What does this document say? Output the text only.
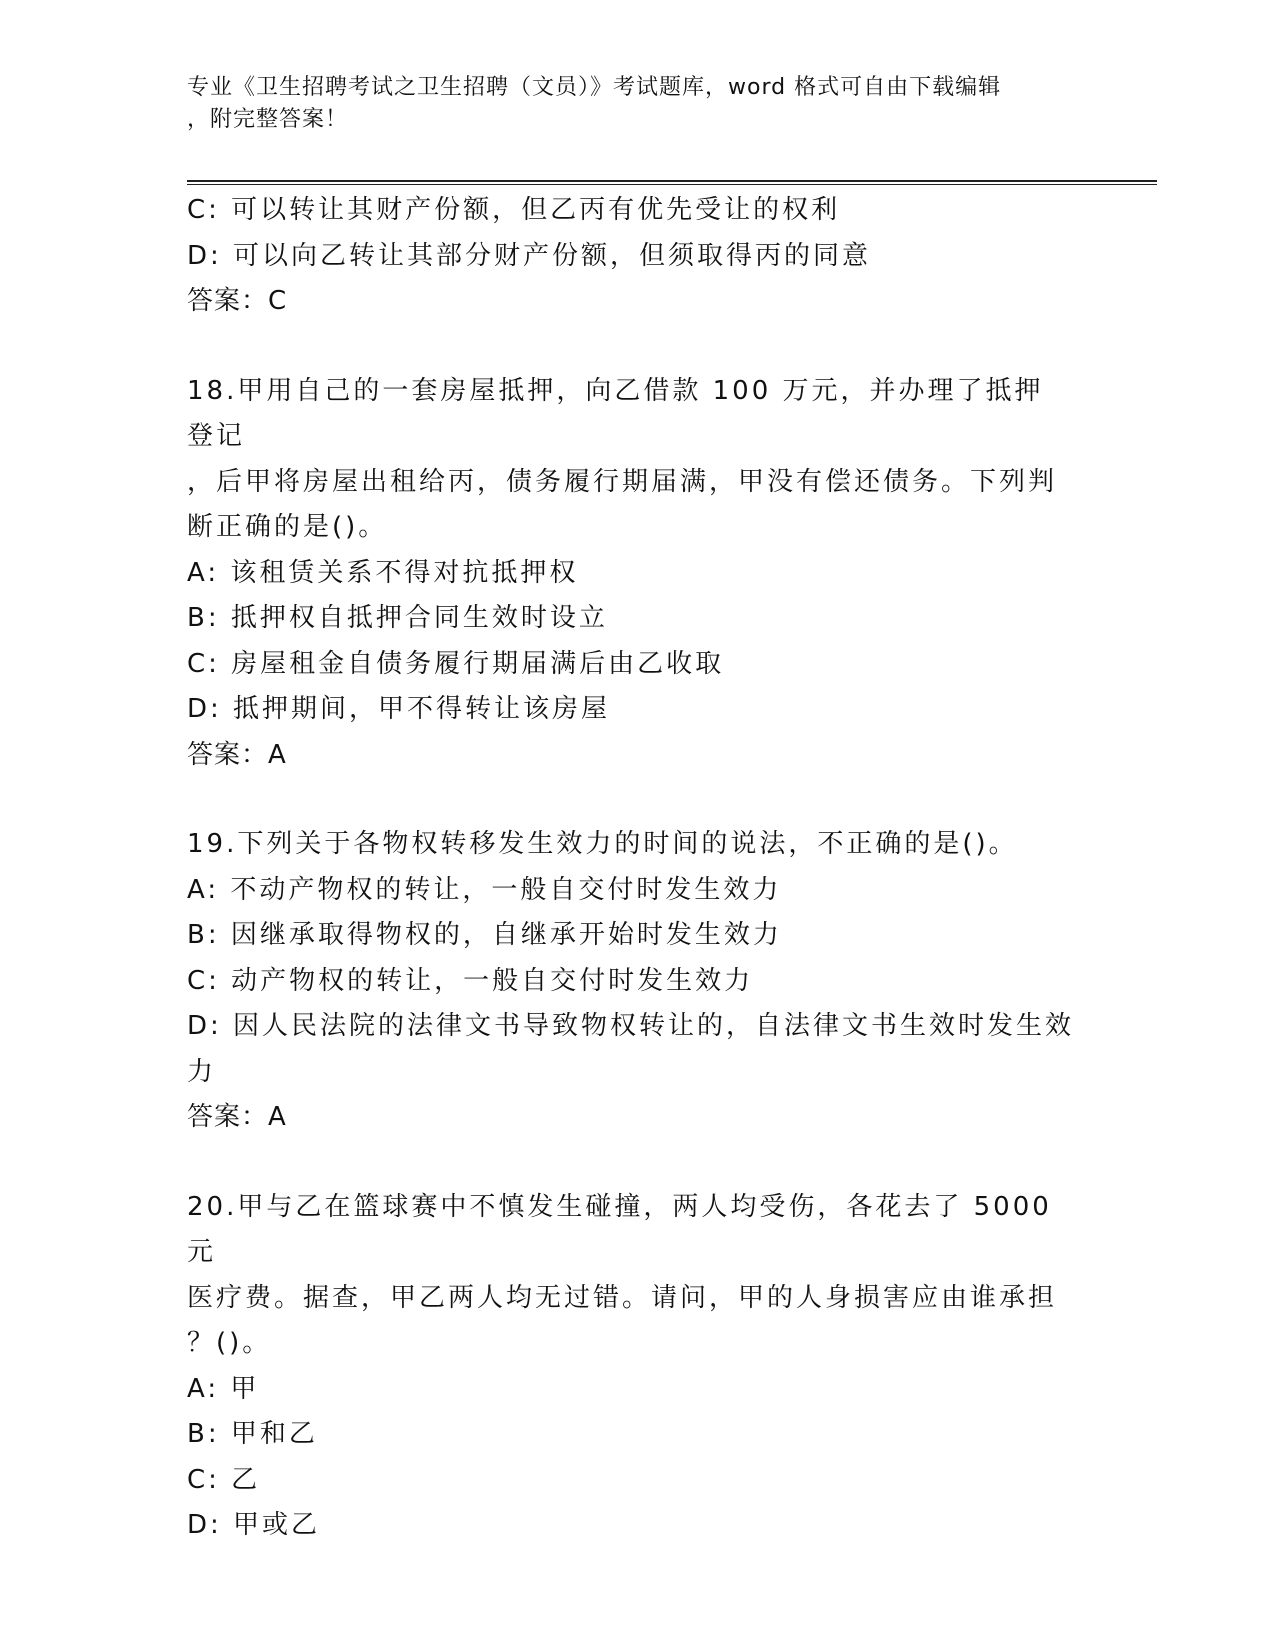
专业《卫生招聘考试之卫生招聘（文员）》考试题库，word 格式可自由下载编辑
，附完整答案！
C: 可以转让其财产份额，但乙丙有优先受让的权利
D: 可以向乙转让其部分财产份额，但须取得丙的同意
答案：C
18.甲用自己的一套房屋抵押，向乙借款 100 万元，并办理了抵押登记
，后甲将房屋出租给丙，债务履行期届满，甲没有偿还债务。下列判
断正确的是()。
A: 该租赁关系不得对抗抵押权
B: 抵押权自抵押合同生效时设立
C: 房屋租金自债务履行期届满后由乙收取
D: 抵押期间，甲不得转让该房屋
答案：A
19.下列关于各物权转移发生效力的时间的说法，不正确的是()。
A: 不动产物权的转让，一般自交付时发生效力
B: 因继承取得物权的，自继承开始时发生效力
C: 动产物权的转让，一般自交付时发生效力
D: 因人民法院的法律文书导致物权转让的，自法律文书生效时发生效
力
答案：A
20.甲与乙在篮球赛中不慎发生碰撞，两人均受伤，各花去了 5000 元
医疗费。据查，甲乙两人均无过错。请问，甲的人身损害应由谁承担
？()。
A: 甲
B: 甲和乙
C: 乙
D: 甲或乙
